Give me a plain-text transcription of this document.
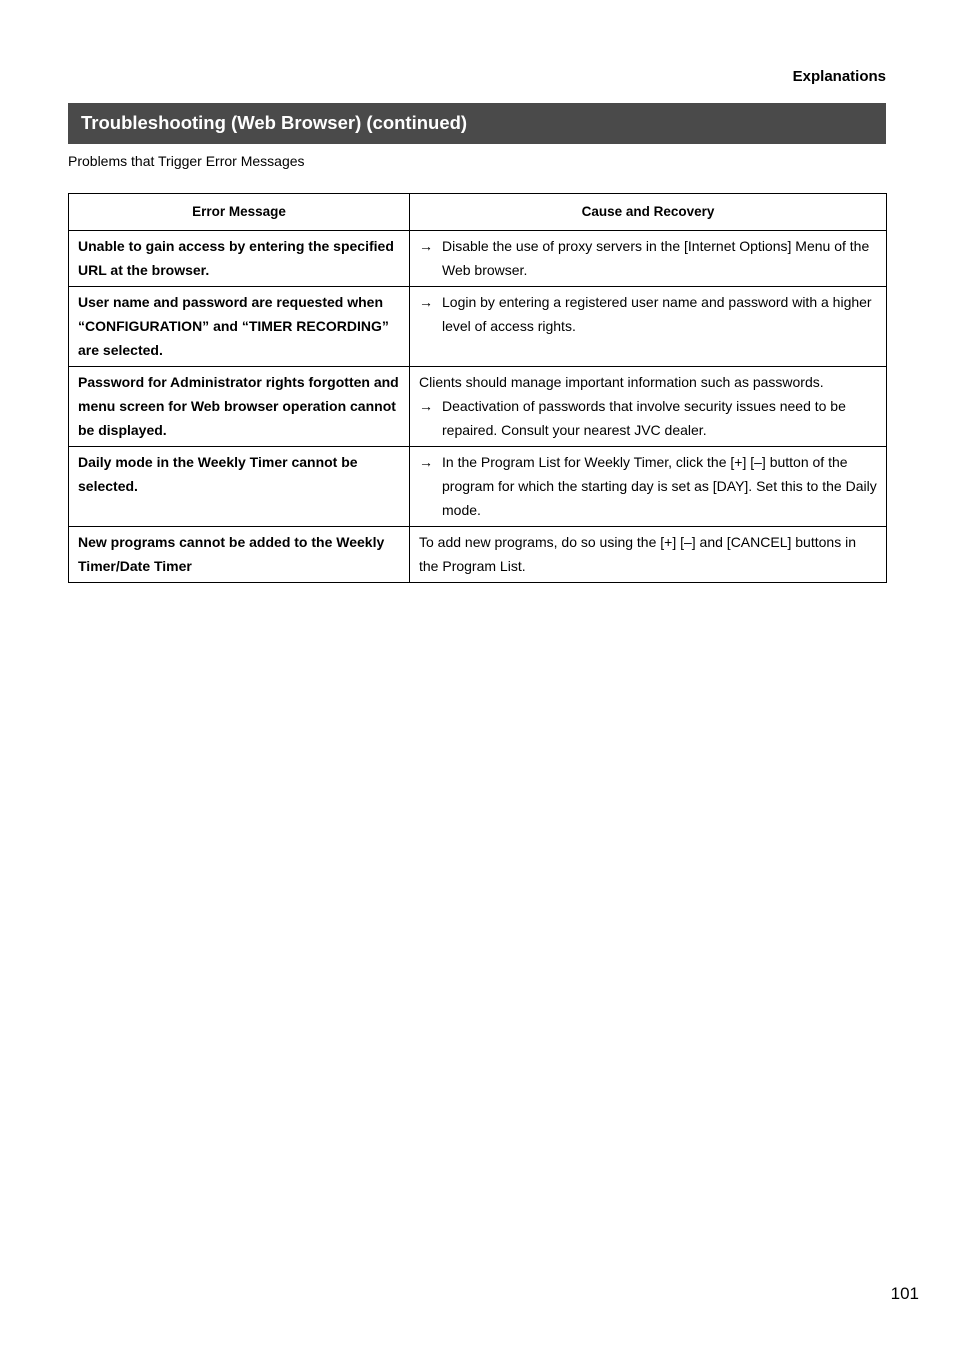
Explanations
Troubleshooting (Web Browser) (continued)
Problems that Trigger Error Messages
Error Message	Cause and Recovery
Unable to gain access by entering the specified URL at the browser.	→ Disable the use of proxy servers in the [Internet Options] Menu of the Web browser.

User name and password are requested when “CONFIGURATION” and “TIMER RECORDING” are selected.	→ Login by entering a registered user name and password with a higher level of access rights.

Password for Administrator rights forgotten and menu screen for Web browser operation cannot be displayed.	Clients should manage important information such as passwords.
→ Deactivation of passwords that involve security issues need to be repaired. Consult your nearest JVC dealer.

Daily mode in the Weekly Timer cannot be selected.	→ In the Program List for Weekly Timer, click the [+] [–] button of the program for which the starting day is set as [DAY]. Set this to the Daily mode.

New programs cannot be added to the Weekly Timer/Date Timer	To add new programs, do so using the [+] [–] and [CANCEL] buttons in the Program List.
101
